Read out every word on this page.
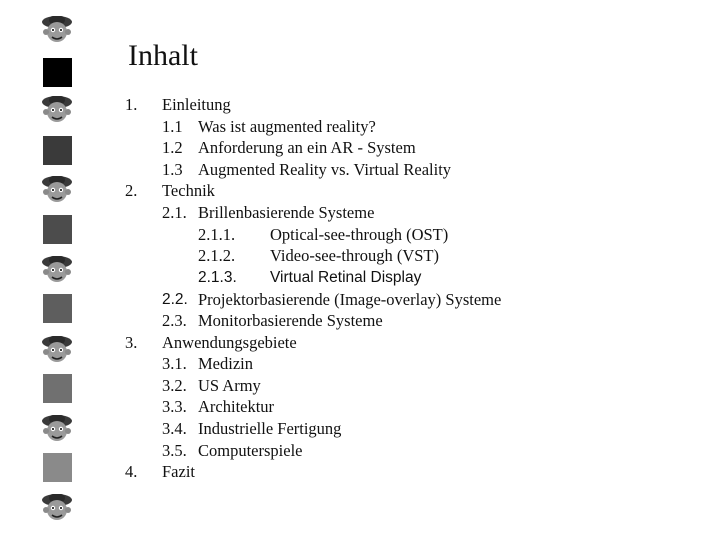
Inhalt
1. Einleitung
1.1 Was ist augmented reality?
1.2 Anforderung an ein AR - System
1.3 Augmented Reality vs. Virtual Reality
2. Technik
2.1. Brillenbasierende Systeme
2.1.1. Optical-see-through (OST)
2.1.2. Video-see-through (VST)
2.1.3. Virtual Retinal Display
2.2. Projektorbasierende (Image-overlay) Systeme
2.3. Monitorbasierende Systeme
3. Anwendungsgebiete
3.1. Medizin
3.2. US Army
3.3. Architektur
3.4. Industrielle Fertigung
3.5. Computerspiele
4. Fazit
